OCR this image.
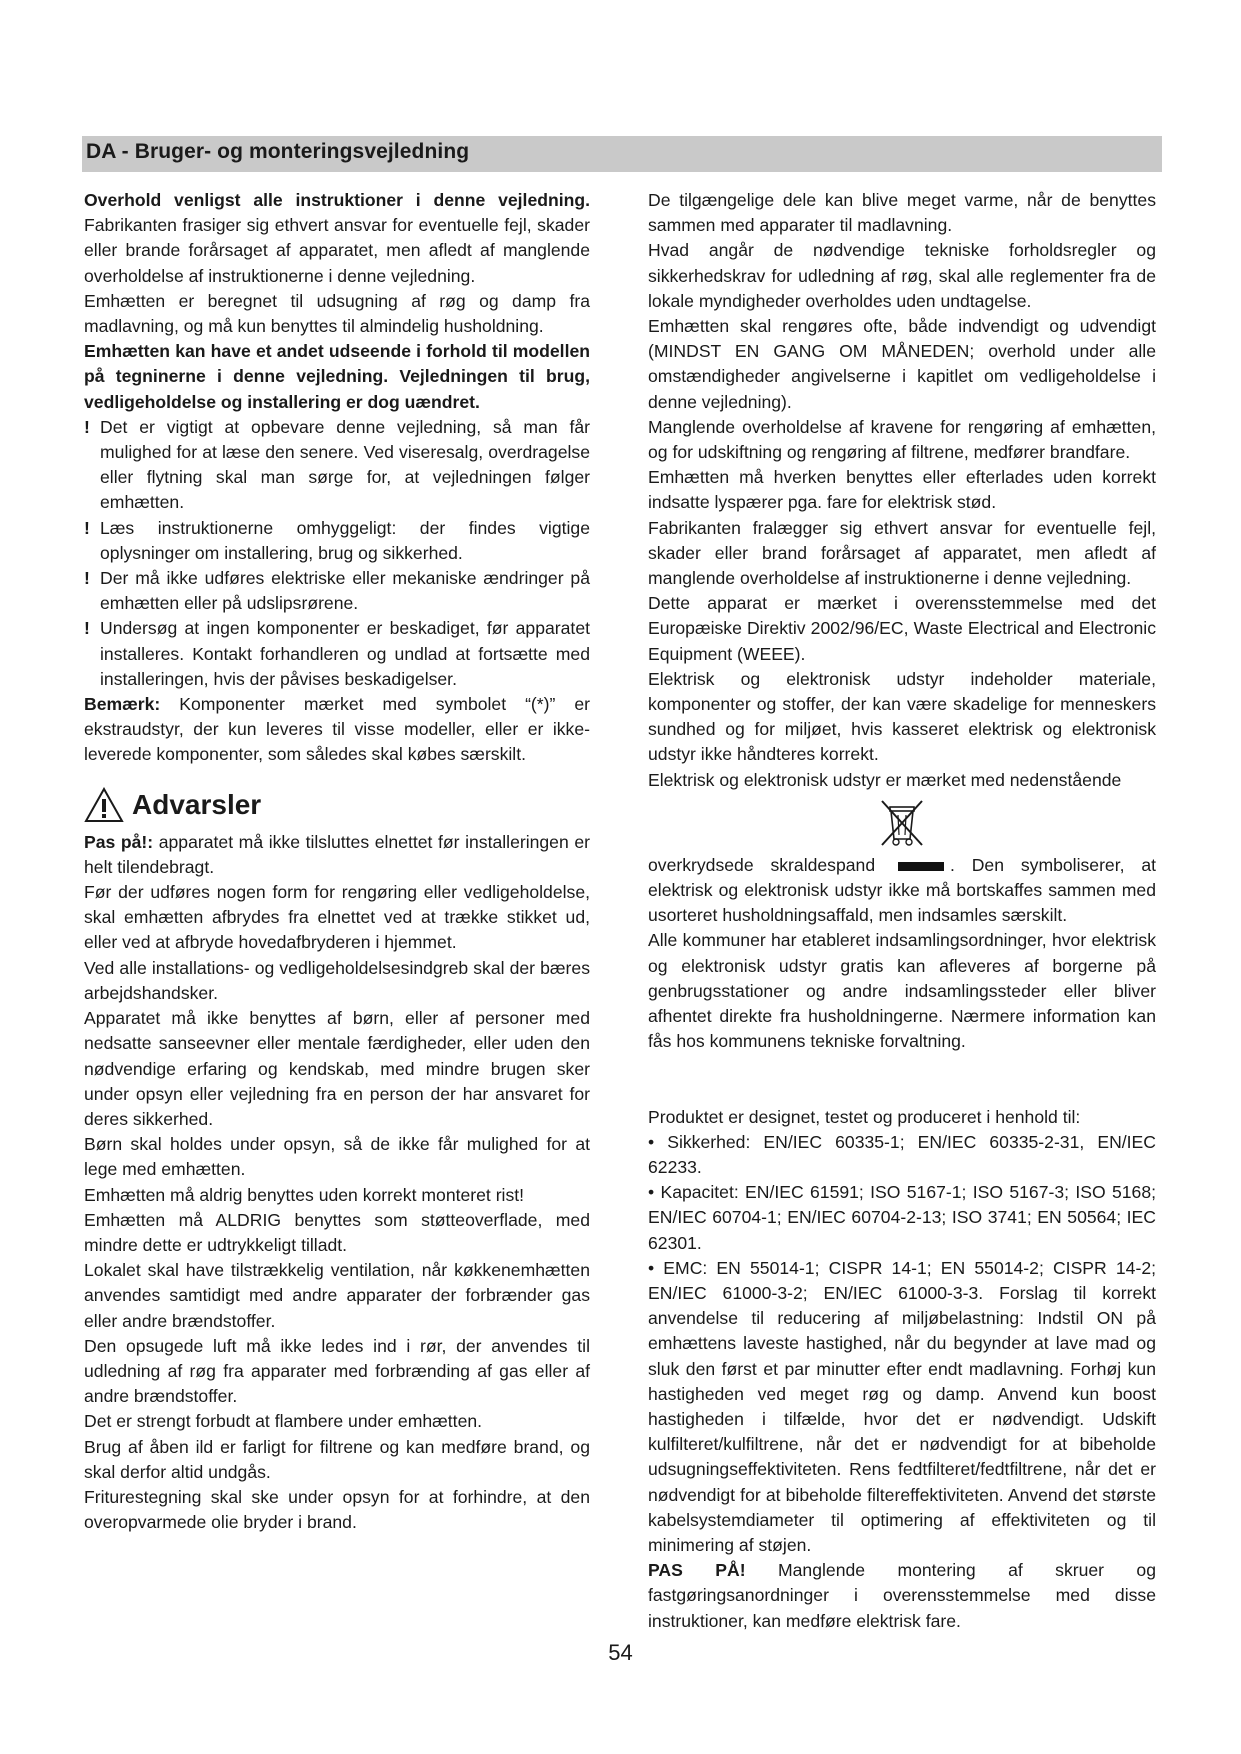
DA - Bruger- og monteringsvejledning

Overhold venligst alle instruktioner i denne vejledning. Fabrikanten frasiger sig ethvert ansvar for eventuelle fejl, skader eller brande forårsaget af apparatet, men afledt af manglende overholdelse af instruktionerne i denne vejledning.

Emhætten er beregnet til udsugning af røg og damp fra madlavning, og må kun benyttes til almindelig husholdning.

Emhætten kan have et andet udseende i forhold til modellen på tegninerne i denne vejledning. Vejledningen til brug, vedligeholdelse og installering er dog uændret.

! Det er vigtigt at opbevare denne vejledning, så man får mulighed for at læse den senere. Ved viseresalg, overdragelse eller flytning skal man sørge for, at vejledningen følger emhætten.
! Læs instruktionerne omhyggeligt: der findes vigtige oplysninger om installering, brug og sikkerhed.
! Der må ikke udføres elektriske eller mekaniske ændringer på emhætten eller på udslipsrørene.
! Undersøg at ingen komponenter er beskadiget, før apparatet installeres. Kontakt forhandleren og undlad at fortsætte med installeringen, hvis der påvises beskadigelser.

Bemærk: Komponenter mærket med symbolet “(*)” er ekstraudstyr, der kun leveres til visse modeller, eller er ikke-leverede komponenter, som således skal købes særskilt.

Advarsler

Pas på!: apparatet må ikke tilsluttes elnettet før installeringen er helt tilendebragt.

Før der udføres nogen form for rengøring eller vedligeholdelse, skal emhætten afbrydes fra elnettet ved at trække stikket ud, eller ved at afbryde hovedafbryderen i hjemmet.

Ved alle installations- og vedligeholdelsesindgreb skal der bæres arbejdshandsker.

Apparatet må ikke benyttes af børn, eller af personer med nedsatte sanseevner eller mentale færdigheder, eller uden den nødvendige erfaring og kendskab, med mindre brugen sker under opsyn eller vejledning fra en person der har ansvaret for deres sikkerhed.

Børn skal holdes under opsyn, så de ikke får mulighed for at lege med emhætten.

Emhætten må aldrig benyttes uden korrekt monteret rist!

Emhætten må ALDRIG benyttes som støtteoverflade, med mindre dette er udtrykkeligt tilladt.

Lokalet skal have tilstrækkelig ventilation, når køkkenemhætten anvendes samtidigt med andre apparater der forbrænder gas eller andre brændstoffer.

Den opsugede luft må ikke ledes ind i rør, der anvendes til udledning af røg fra apparater med forbrænding af gas eller af andre brændstoffer.

Det er strengt forbudt at flambere under emhætten.

Brug af åben ild er farligt for filtrene og kan medføre brand, og skal derfor altid undgås.

Friturestegning skal ske under opsyn for at forhindre, at den overopvarmede olie bryder i brand.

De tilgængelige dele kan blive meget varme, når de benyttes sammen med apparater til madlavning.

Hvad angår de nødvendige tekniske forholdsregler og sikkerhedskrav for udledning af røg, skal alle reglementer fra de lokale myndigheder overholdes uden undtagelse.

Emhætten skal rengøres ofte, både indvendigt og udvendigt (MINDST EN GANG OM MÅNEDEN; overhold under alle omstændigheder angivelserne i kapitlet om vedligeholdelse i denne vejledning).

Manglende overholdelse af kravene for rengøring af emhætten, og for udskiftning og rengøring af filtrene, medfører brandfare.

Emhætten må hverken benyttes eller efterlades uden korrekt indsatte lyspærer pga. fare for elektrisk stød.

Fabrikanten fralægger sig ethvert ansvar for eventuelle fejl, skader eller brand forårsaget af apparatet, men afledt af manglende overholdelse af instruktionerne i denne vejledning.

Dette apparat er mærket i overensstemmelse med det Europæiske Direktiv 2002/96/EC, Waste Electrical and Electronic Equipment (WEEE).

Elektrisk og elektronisk udstyr indeholder materiale, komponenter og stoffer, der kan være skadelige for menneskers sundhed og for miljøet, hvis kasseret elektrisk og elektronisk udstyr ikke håndteres korrekt.

Elektrisk og elektronisk udstyr er mærket med nedenstående

overkrydsede skraldespand	. Den symboliserer, at elektrisk og elektronisk udstyr ikke må bortskaffes sammen med usorteret husholdningsaffald, men indsamles særskilt.

Alle kommuner har etableret indsamlingsordninger, hvor elektrisk og elektronisk udstyr gratis kan afleveres af borgerne på genbrugsstationer og andre indsamlingssteder eller bliver afhentet direkte fra husholdningerne. Nærmere information kan fås hos kommunens tekniske forvaltning.

Produktet er designet, testet og produceret i henhold til:

• Sikkerhed: EN/IEC 60335-1; EN/IEC 60335-2-31, EN/IEC 62233.

• Kapacitet: EN/IEC 61591; ISO 5167-1; ISO 5167-3; ISO 5168; EN/IEC 60704-1; EN/IEC 60704-2-13; ISO 3741; EN 50564; IEC 62301.

• EMC: EN 55014-1; CISPR 14-1; EN 55014-2; CISPR 14-2; EN/IEC 61000-3-2; EN/IEC 61000-3-3. Forslag til korrekt anvendelse til reducering af miljøbelastning: Indstil ON på emhættens laveste hastighed, når du begynder at lave mad og sluk den først et par minutter efter endt madlavning. Forhøj kun hastigheden ved meget røg og damp. Anvend kun boost hastigheden i tilfælde, hvor det er nødvendigt. Udskift kulfilteret/kulfiltrene, når det er nødvendigt for at bibeholde udsugningseffektiviteten. Rens fedtfilteret/fedtfiltrene, når det er nødvendigt for at bibeholde filtereffektiviteten. Anvend det største kabelsystemdiameter til optimering af effektiviteten og til minimering af støjen.

PAS PÅ! Manglende montering af skruer og fastgøringsanordninger i overensstemmelse med disse instruktioner, kan medføre elektrisk fare.

54
